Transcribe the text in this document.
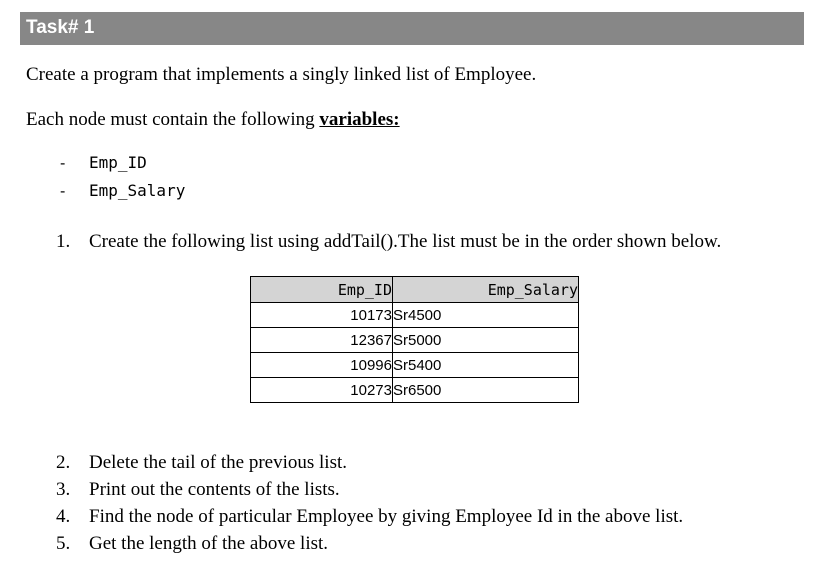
Task# 1
Create a program that implements a singly linked list of Employee.
Each node must contain the following variables:
- Emp_ID
- Emp_Salary
1. Create the following list using addTail().The list must be in the order shown below.
Emp_ID	Emp_Salary
10173	Sr4500
12367	Sr5000
10996	Sr5400
10273	Sr6500
2. Delete the tail of the previous list.
3. Print out the contents of the lists.
4. Find the node of particular Employee by giving Employee Id in the above list.
5. Get the length of the above list.
